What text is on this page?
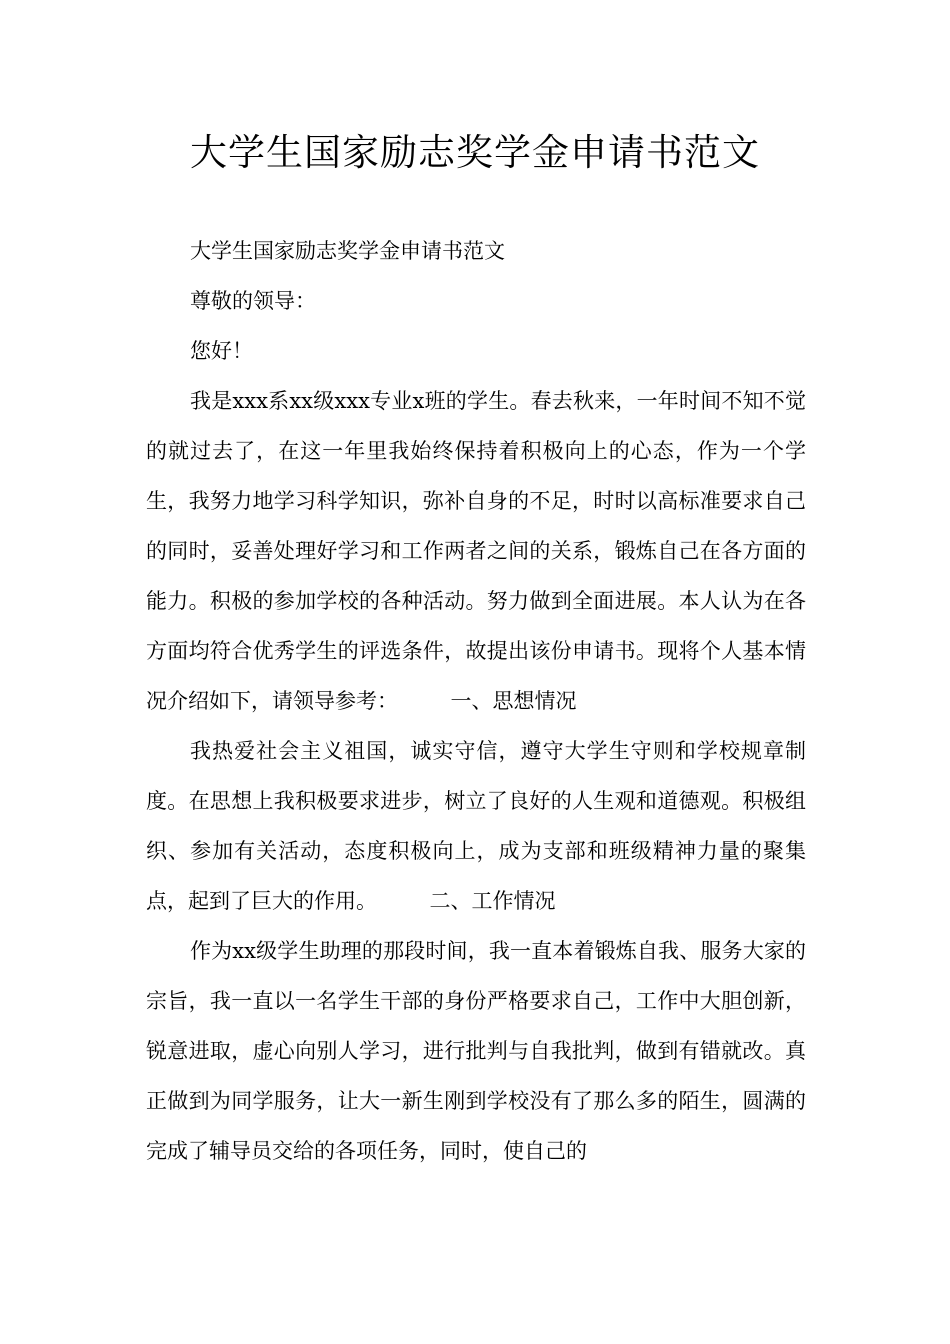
大学生国家励志奖学金申请书范文

大学生国家励志奖学金申请书范文

尊敬的领导：

您好！

我是xxx系xx级xxx专业x班的学生。春去秋来，一年时间不知不觉的就过去了，在这一年里我始终保持着积极向上的心态，作为一个学生，我努力地学习科学知识，弥补自身的不足，时时以高标准要求自己的同时，妥善处理好学习和工作两者之间的关系，锻炼自己在各方面的能力。积极的参加学校的各种活动。努力做到全面进展。本人认为在各方面均符合优秀学生的评选条件，故提出该份申请书。现将个人基本情况介绍如下，请领导参考：　　　一、思想情况

我热爱社会主义祖国，诚实守信，遵守大学生守则和学校规章制度。在思想上我积极要求进步，树立了良好的人生观和道德观。积极组织、参加有关活动，态度积极向上，成为支部和班级精神力量的聚集点，起到了巨大的作用。　　　二、工作情况

作为xx级学生助理的那段时间，我一直本着锻炼自我、服务大家的宗旨，我一直以一名学生干部的身份严格要求自己，工作中大胆创新，锐意进取，虚心向别人学习，进行批判与自我批判，做到有错就改。真正做到为同学服务，让大一新生刚到学校没有了那么多的陌生，圆满的完成了辅导员交给的各项任务，同时，使自己的
